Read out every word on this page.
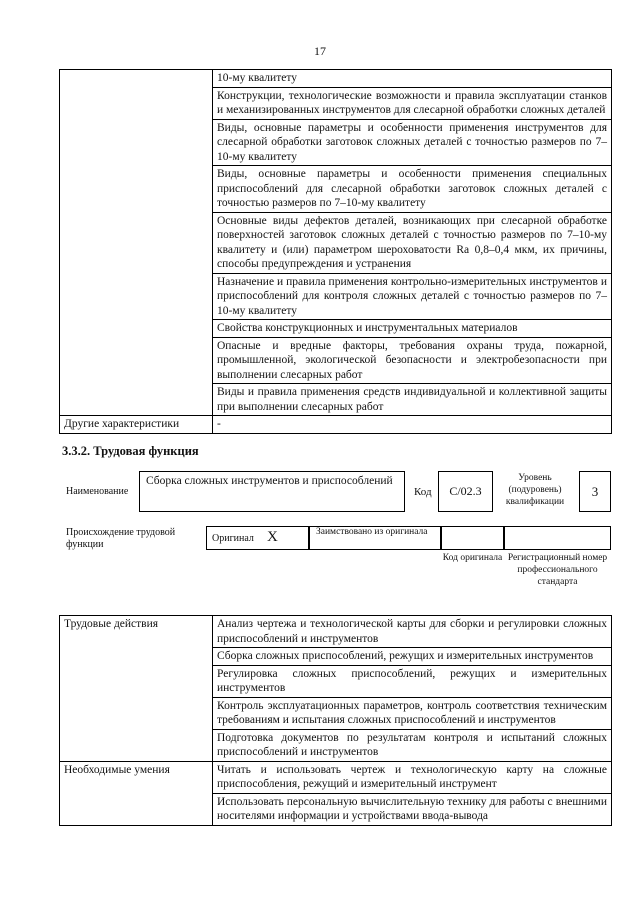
17
	10-му квалитету
	Конструкции, технологические возможности и правила эксплуатации станков и механизированных инструментов для слесарной обработки сложных деталей
	Виды, основные параметры и особенности применения инструментов для слесарной обработки заготовок сложных деталей с точностью размеров по 7–10-му квалитету
	Виды, основные параметры и особенности применения специальных приспособлений для слесарной обработки заготовок сложных деталей с точностью размеров по 7–10-му квалитету
	Основные виды дефектов деталей, возникающих при слесарной обработке поверхностей заготовок сложных деталей с точностью размеров по 7–10-му квалитету и (или) параметром шероховатости Ra 0,8–0,4 мкм, их причины, способы предупреждения и устранения
	Назначение и правила применения контрольно-измерительных инструментов и приспособлений для контроля сложных деталей с точностью размеров по 7–10-му квалитету
	Свойства конструкционных и инструментальных материалов
	Опасные и вредные факторы, требования охраны труда, пожарной, промышленной, экологической безопасности и электробезопасности при выполнении слесарных работ
	Виды и правила применения средств индивидуальной и коллективной защиты при выполнении слесарных работ
Другие характеристики	-
3.3.2. Трудовая функция
Наименование
Сборка сложных инструментов и приспособлений
Код	C/02.3
Уровень (подуровень) квалификации
3
Происхождение трудовой функции
Оригинал X	Заимствовано из оригинала
Код оригинала Регистрационный номер профессионального стандарта
Трудовые действия	Анализ чертежа и технологической карты для сборки и регулировки сложных приспособлений и инструментов
	Сборка сложных приспособлений, режущих и измерительных инструментов
	Регулировка сложных приспособлений, режущих и измерительных инструментов
	Контроль эксплуатационных параметров, контроль соответствия техническим требованиям и испытания сложных приспособлений и инструментов
	Подготовка документов по результатам контроля и испытаний сложных приспособлений и инструментов
Необходимые умения	Читать и использовать чертеж и технологическую карту на сложные приспособления, режущий и измерительный инструмент
	Использовать персональную вычислительную технику для работы с внешними носителями информации и устройствами ввода-вывода
